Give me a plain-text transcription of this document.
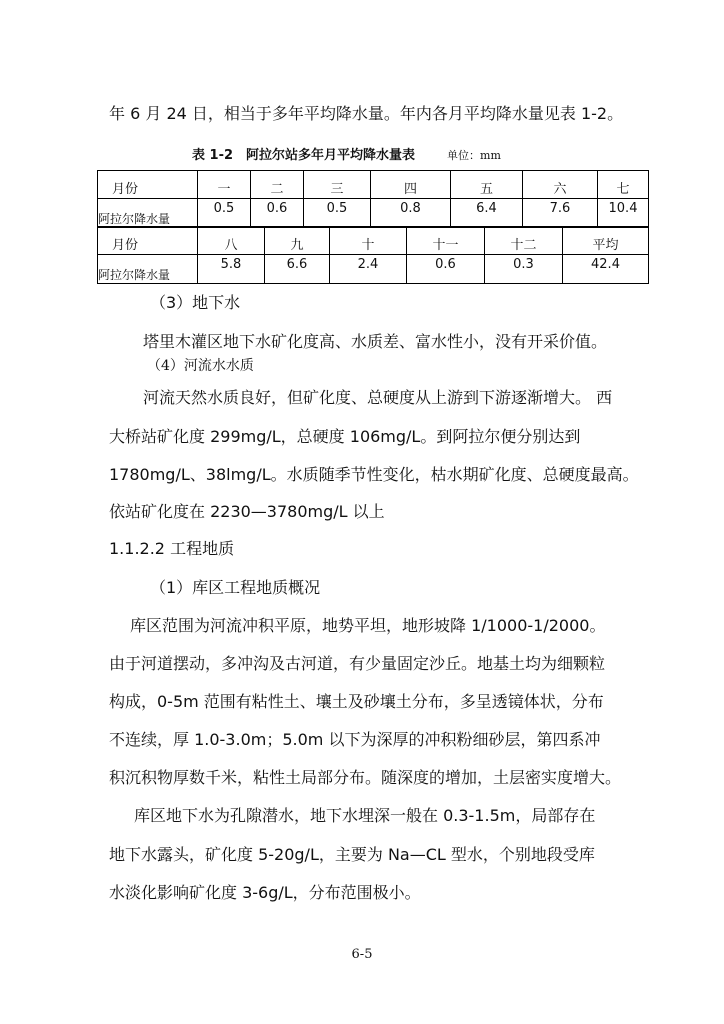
年 6 月 24 日，相当于多年平均降水量。年内各月平均降水量见表 1-2。
表 1-2　阿拉尔站多年月平均降水量表	单位：mm
月份	一	二	三	四	五	六	七
阿拉尔降水量	0.5	0.6	0.5	0.8	6.4	7.6	10.4
月份	八	九	十	十一	十二	平均
阿拉尔降水量	5.8	6.6	2.4	0.6	0.3	42.4
（3）地下水
塔里木灌区地下水矿化度高、水质差、富水性小，没有开采价值。
（4）河流水水质
河流天然水质良好，但矿化度、总硬度从上游到下游逐渐增大。 西
大桥站矿化度 299mg/L，总硬度 106mg/L。到阿拉尔便分别达到
1780mg/L、38lmg/L。水质随季节性变化，枯水期矿化度、总硬度最高。
依站矿化度在 2230—3780mg/L 以上
1.1.2.2 工程地质
（1）库区工程地质概况
库区范围为河流冲积平原，地势平坦，地形坡降 1/1000-1/2000。
由于河道摆动，多冲沟及古河道，有少量固定沙丘。地基土均为细颗粒
构成，0-5m 范围有粘性土、壤土及砂壤土分布，多呈透镜体状，分布
不连续，厚 1.0-3.0m；5.0m 以下为深厚的冲积粉细砂层，第四系冲
积沉积物厚数千米，粘性土局部分布。随深度的增加，土层密实度增大。
库区地下水为孔隙潜水，地下水埋深一般在 0.3-1.5m，局部存在
地下水露头，矿化度 5-20g/L，主要为 Na—CL 型水，个别地段受库
水淡化影响矿化度 3-6g/L，分布范围极小。
6-5
